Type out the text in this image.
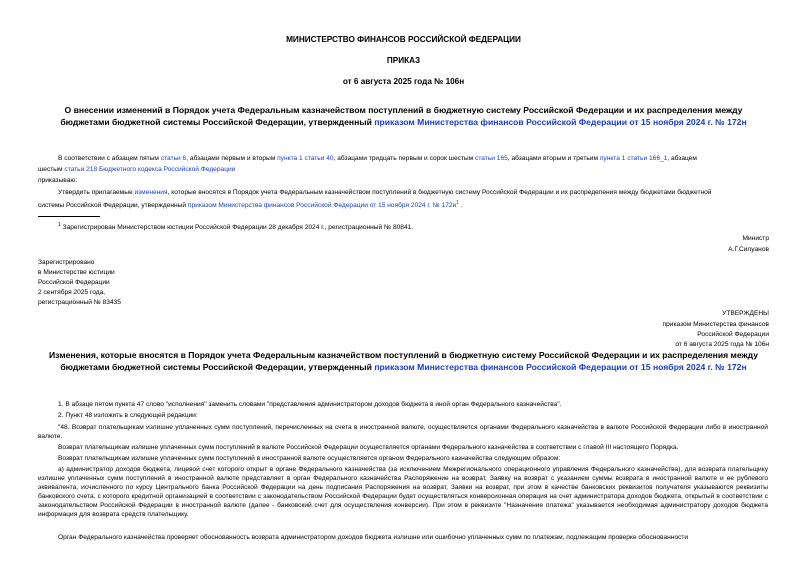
МИНИСТЕРСТВО ФИНАНСОВ РОССИЙСКОЙ ФЕДЕРАЦИИ
ПРИКАЗ
от 6 августа 2025 года № 106н
О внесении изменений в Порядок учета Федеральным казначейством поступлений в бюджетную систему Российской Федерации и их распределения между
бюджетами бюджетной системы Российской Федерации, утвержденный приказом Министерства финансов Российской Федерации от 15 ноября 2024 г. № 172н
В соответствии с абзацем пятым статьи 6, абзацами первым и вторым пункта 1 статьи 40, абзацами тридцать первым и сорок шестым статьи 165, абзацами вторым и третьим пункта 1 статьи 166_1, абзацем
шестым статьи 218 Бюджетного кодекса Российской Федерации
приказываю:
Утвердить прилагаемые изменения, которые вносятся в Порядок учета Федеральным казначейством поступлений в бюджетную систему Российской Федерации и их распределения между бюджетами бюджетной
системы Российской Федерации, утвержденный приказом Министерства финансов Российской Федерации от 15 ноября 2024 г. № $172н^1$ .
$^1$ Зарегистрирован Министерством юстиции Российской Федерации 28 декабря 2024 г., регистрационный № 80841.
Министр
А.Г.Силуанов
Зарегистрировано
в Министерстве юстиции
Российской Федерации
2 сентября 2025 года,
регистрационный № 83435
УТВЕРЖДЕНЫ
приказом Министерства финансов
Российской Федерации
от 6 августа 2025 года № 106н
Изменения, которые вносятся в Порядок учета Федеральным казначейством поступлений в бюджетную систему Российской Федерации и их распределения между
бюджетами бюджетной системы Российской Федерации, утвержденный приказом Министерства финансов Российской Федерации от 15 ноября 2024 г. № 172н
1. В абзаце пятом пункта 47 слово "исполнения" заменить словами "представления администратором доходов бюджета в иной орган Федерального казначейства".
2. Пункт 48 изложить в следующей редакции:
"48. Возврат плательщикам излишне уплаченных сумм поступлений, перечисленных на счета в иностранной валюте, осуществляется органами Федерального казначейства в валюте Российской Федерации либо в иностранной валюте.
Возврат плательщикам излишне уплаченных сумм поступлений в валюте Российской Федерации осуществляется органами Федерального казначейства в соответствии с главой III настоящего Порядка.
Возврат плательщикам излишне уплаченных сумм поступлений в иностранной валюте осуществляется органом Федерального казначейства следующим образом:
а) администратор доходов бюджета, лицевой счет которого открыт в органе Федерального казначейства (за исключением Межрегионального операционного управления Федерального казначейства), для возврата плательщику излишне уплаченных сумм поступлений в иностранной валюте представляет в орган Федерального казначейства Распоряжение на возврат, Заявку на возврат с указанием суммы возврата в иностранной валюте и ее рублевого эквивалента, исчисленного по курсу Центрального банка Российской Федерации на день подписания Распоряжения на возврат, Заявки на возврат, при этом в качестве банковских реквизитов получателя указываются реквизиты банковского счета, с которого кредитной организацией в соответствии с законодательством Российской Федерации будет осуществляться конверсионная операция на счет администратора доходов бюджета, открытый в соответствии с законодательством Российской Федерации в иностранной валюте (далее - банковский счет для осуществления конверсии). При этом в реквизите "Назначение платежа" указывается необходимая администратору доходов бюджета информация для возврата средств плательщику.
Орган Федерального казначейства проверяет обоснованность возврата администратором доходов бюджета излишне или ошибочно уплаченных сумм по платежам, подлежащим проверке обоснованности
